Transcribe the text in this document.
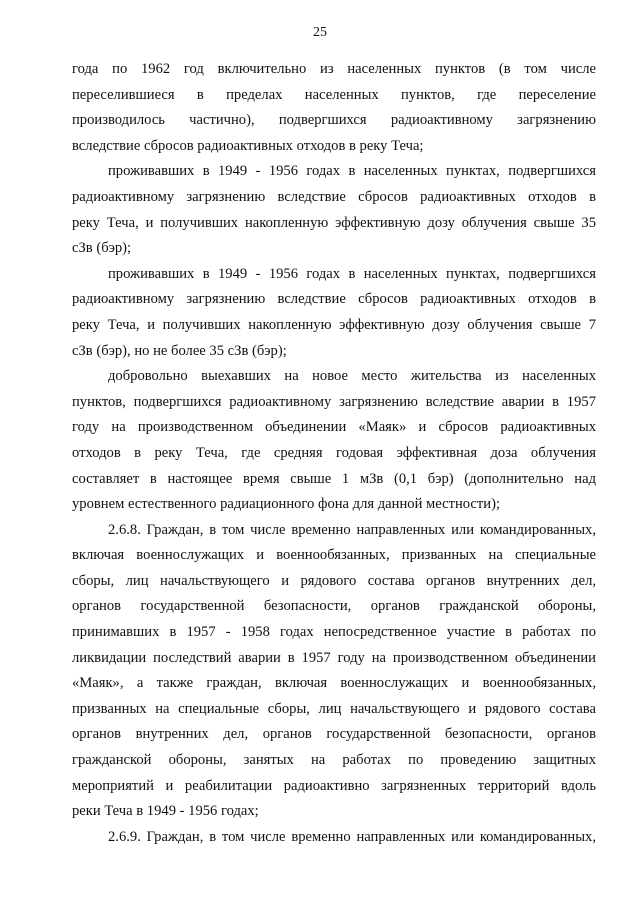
25
года по 1962 год включительно из населенных пунктов (в том числе
переселившиеся в пределах населенных пунктов, где переселение
производилось частично), подвергшихся радиоактивному загрязнению
вследствие сбросов радиоактивных отходов в реку Теча;
проживавших в 1949 - 1956 годах в населенных пунктах, подвергшихся
радиоактивному загрязнению вследствие сбросов радиоактивных отходов в
реку Теча, и получивших накопленную эффективную дозу облучения свыше 35
сЗв (бэр);
проживавших в 1949 - 1956 годах в населенных пунктах, подвергшихся
радиоактивному загрязнению вследствие сбросов радиоактивных отходов в
реку Теча, и получивших накопленную эффективную дозу облучения свыше 7
сЗв (бэр), но не более 35 сЗв (бэр);
добровольно выехавших на новое место жительства из населенных
пунктов, подвергшихся радиоактивному загрязнению вследствие аварии в 1957
году на производственном объединении «Маяк» и сбросов радиоактивных
отходов в реку Теча, где средняя годовая эффективная доза облучения
составляет в настоящее время свыше 1 мЗв (0,1 бэр) (дополнительно над
уровнем естественного радиационного фона для данной местности);
2.6.8. Граждан, в том числе временно направленных или командированных,
включая военнослужащих и военнообязанных, призванных на специальные
сборы, лиц начальствующего и рядового состава органов внутренних дел,
органов государственной безопасности, органов гражданской обороны,
принимавших в 1957 - 1958 годах непосредственное участие в работах по
ликвидации последствий аварии в 1957 году на производственном объединении
«Маяк», а также граждан, включая военнослужащих и военнообязанных,
призванных на специальные сборы, лиц начальствующего и рядового состава
органов внутренних дел, органов государственной безопасности, органов
гражданской обороны, занятых на работах по проведению защитных
мероприятий и реабилитации радиоактивно загрязненных территорий вдоль
реки Теча в 1949 - 1956 годах;
2.6.9. Граждан, в том числе временно направленных или командированных,
